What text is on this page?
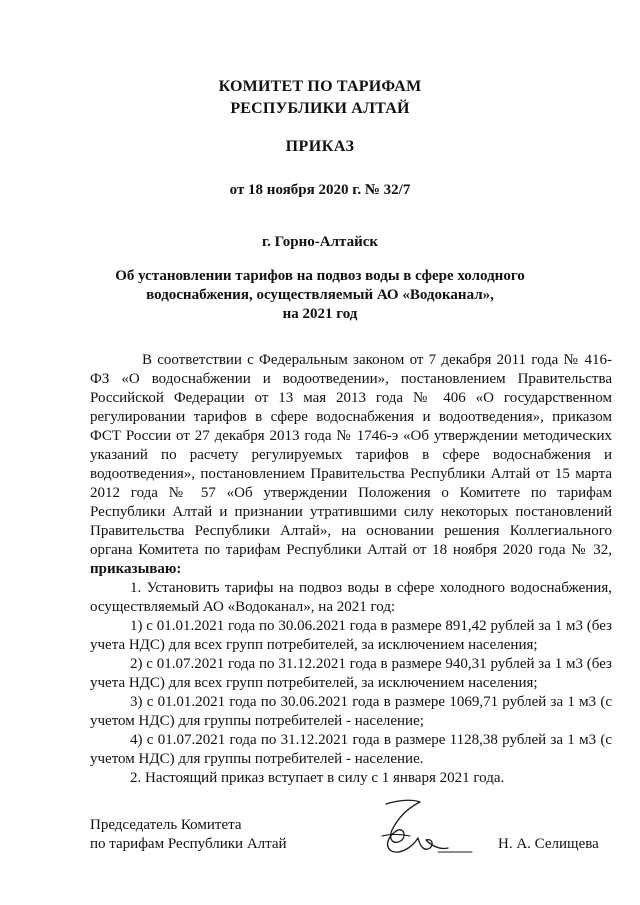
КОМИТЕТ ПО ТАРИФАМ
РЕСПУБЛИКИ АЛТАЙ
ПРИКАЗ
от 18 ноября 2020 г. № 32/7
г. Горно-Алтайск
Об установлении тарифов на подвоз воды в сфере холодного
водоснабжения, осуществляемый АО «Водоканал»,
на 2021 год

В соответствии с Федеральным законом от 7 декабря 2011 года № 416-ФЗ «О водоснабжении и водоотведении», постановлением Правительства Российской Федерации от 13 мая 2013 года № 406 «О государственном регулировании тарифов в сфере водоснабжения и водоотведения», приказом ФСТ России от 27 декабря 2013 года № 1746-э «Об утверждении методических указаний по расчету регулируемых тарифов в сфере водоснабжения и водоотведения», постановлением Правительства Республики Алтай от 15 марта 2012 года № 57 «Об утверждении Положения о Комитете по тарифам Республики Алтай и признании утратившими силу некоторых постановлений Правительства Республики Алтай», на основании решения Коллегиального органа Комитета по тарифам Республики Алтай от 18 ноября 2020 года № 32, приказываю:

1. Установить тарифы на подвоз воды в сфере холодного водоснабжения, осуществляемый АО «Водоканал», на 2021 год:

1) с 01.01.2021 года по 30.06.2021 года в размере 891,42 рублей за 1 м3 (без учета НДС) для всех групп потребителей, за исключением населения;

2) с 01.07.2021 года по 31.12.2021 года в размере 940,31 рублей за 1 м3 (без учета НДС) для всех групп потребителей, за исключением населения;

3) с 01.01.2021 года по 30.06.2021 года в размере 1069,71 рублей за 1 м3 (с учетом НДС) для группы потребителей - население;

4) с 01.07.2021 года по 31.12.2021 года в размере 1128,38 рублей за 1 м3 (с учетом НДС) для группы потребителей - население.

2. Настоящий приказ вступает в силу с 1 января 2021 года.

Председатель Комитета
по тарифам Республики Алтай	Н. А. Селищева
